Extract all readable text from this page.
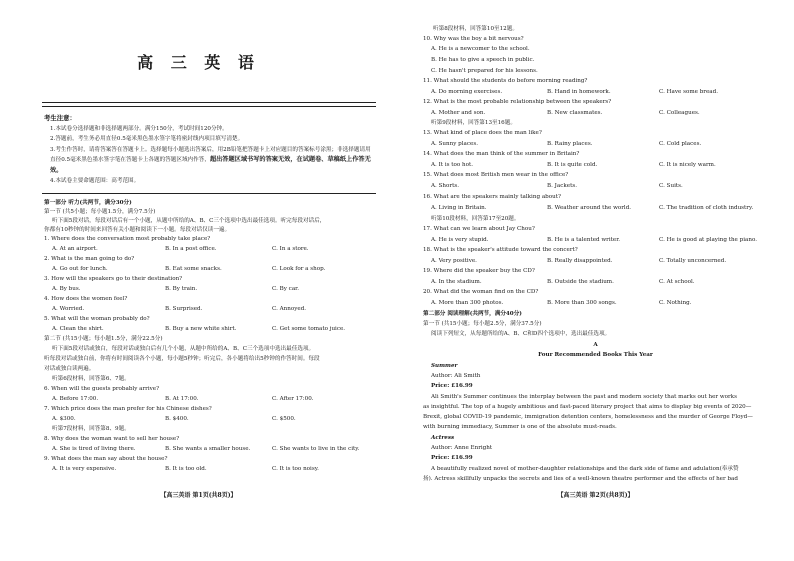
高 三 英 语
考生注意：
1.本试卷分选择题和非选择题两部分。满分150分，考试时间120分钟。
2.答题前，考生务必用直径0.5毫米黑色墨水签字笔将密封线内项目填写清楚。
3.考生作答时，请将答案答在答题卡上。选择题每小题选出答案后，用2B铅笔把答题卡上对应题目的答案标号涂黑；非选择题请用直径0.5毫米黑色墨水签字笔在答题卡上各题的答题区域内作答，超出答题区域书写的答案无效，在试题卷、草稿纸上作答无效。
4.本试卷主要命题范围：高考范围。
第一部分 听力(共两节，满分30分)
第一节 (共5小题；每小题1.5分，满分7.5分)
听下面5段对话，每段对话后有一个小题，从题中所给的A、B、C三个选项中选出最佳选项。听完每段对话后，
你都有10秒钟的时间来回答有关小题和阅读下一小题。每段对话仅读一遍。
1. Where does the conversation most probably take place?
A. At an airport.	B. In a post office.	C. In a store.
2. What is the man going to do?
A. Go out for lunch.	B. Eat some snacks.	C. Look for a shop.
3. How will the speakers go to their destination?
A. By bus.	B. By train.	C. By car.
4. How does the women feel?
A. Worried.	B. Surprised.	C. Annoyed.
5. What will the woman probably do?
A. Clean the shirt.	B. Buy a new white shirt.	C. Get some tomato juice.
第二节 (共15小题；每小题1.5分，满分22.5分)
听下面5段对话或独白，每段对话或独白后有几个小题，从题中所给的A、B、C三个选项中选出最佳选项。
听每段对话或独白前，你将有时间阅读各个小题，每小题5秒钟；听完后，各小题将给出5秒钟的作答时间。每段
对话或独白读两遍。
听第6段材料，回答第6、7题。
6. When will the guests probably arrive?
A. Before 17:00.	B. At 17:00.	C. After 17:00.
7. Which price does the man prefer for his Chinese dishes?
A. $300.	B. $400.	C. $500.
听第7段材料，回答第8、9题。
8. Why does the woman want to sell her house?
A. She is tired of living there.	B. She wants a smaller house.	C. She wants to live in the city.
9. What does the man say about the house?
A. It is very expensive.	B. It is too old.	C. It is too noisy.
【高三英语 第1页(共8页)】
听第8段材料，回答第10至12题。
10. Why was the boy a bit nervous?
A. He is a newcomer to the school.
B. He has to give a speech in public.
C. He hasn't prepared for his lessons.
11. What should the students do before morning reading?
A. Do morning exercises.	B. Hand in homework.	C. Have some bread.
12. What is the most probable relationship between the speakers?
A. Mother and son.	B. New classmates.	C. Colleagues.
听第9段材料，回答第13至16题。
13. What kind of place does the man like?
A. Sunny places.	B. Rainy places.	C. Cold places.
14. What does the man think of the summer in Britain?
A. It is too hot.	B. It is quite cold.	C. It is nicely warm.
15. What does most British men wear in the office?
A. Shorts.	B. Jackets.	C. Suits.
16. What are the speakers mainly talking about?
A. Living in Britain.	B. Weather around the world.	C. The tradition of cloth industry.
听第10段材料，回答第17至20题。
17. What can we learn about Jay Chou?
A. He is very stupid.	B. He is a talented writer.	C. He is good at playing the piano.
18. What is the speaker's attitude toward the concert?
A. Very positive.	B. Really disappointed.	C. Totally unconcerned.
19. Where did the speaker buy the CD?
A. In the stadium.	B. Outside the stadium.	C. At school.
20. What did the woman find on the CD?
A. More than 300 photos.	B. More than 300 songs.	C. Nothing.
第二部分 阅读理解(共两节，满分40分)
第一节 (共15小题；每小题2.5分，满分37.5分)
阅读下列短文，从每题所给的A、B、C和D四个选项中，选出最佳选项。
A
Four Recommended Books This Year
Summer
Author: Ali Smith
Price: £16.99
Ali Smith's Summer continues the interplay between the past and modern society that marks out her works
as insightful. The top of a hugely ambitious and fast-paced literary project that aims to display big events of 2020—
Brexit, global COVID-19 pandemic, immigration detention centers, homelessness and the murder of George Floyd—
with burning immediacy, Summer is one of the absolute must-reads.
Actress
Author: Anne Enright
Price: £16.99
A beautifully realized novel of mother-daughter relationships and the dark side of fame and adulation(奉承赞
扬). Actress skillfully unpacks the secrets and lies of a well-known theatre performer and the effects of her bad
【高三英语 第2页(共8页)】
